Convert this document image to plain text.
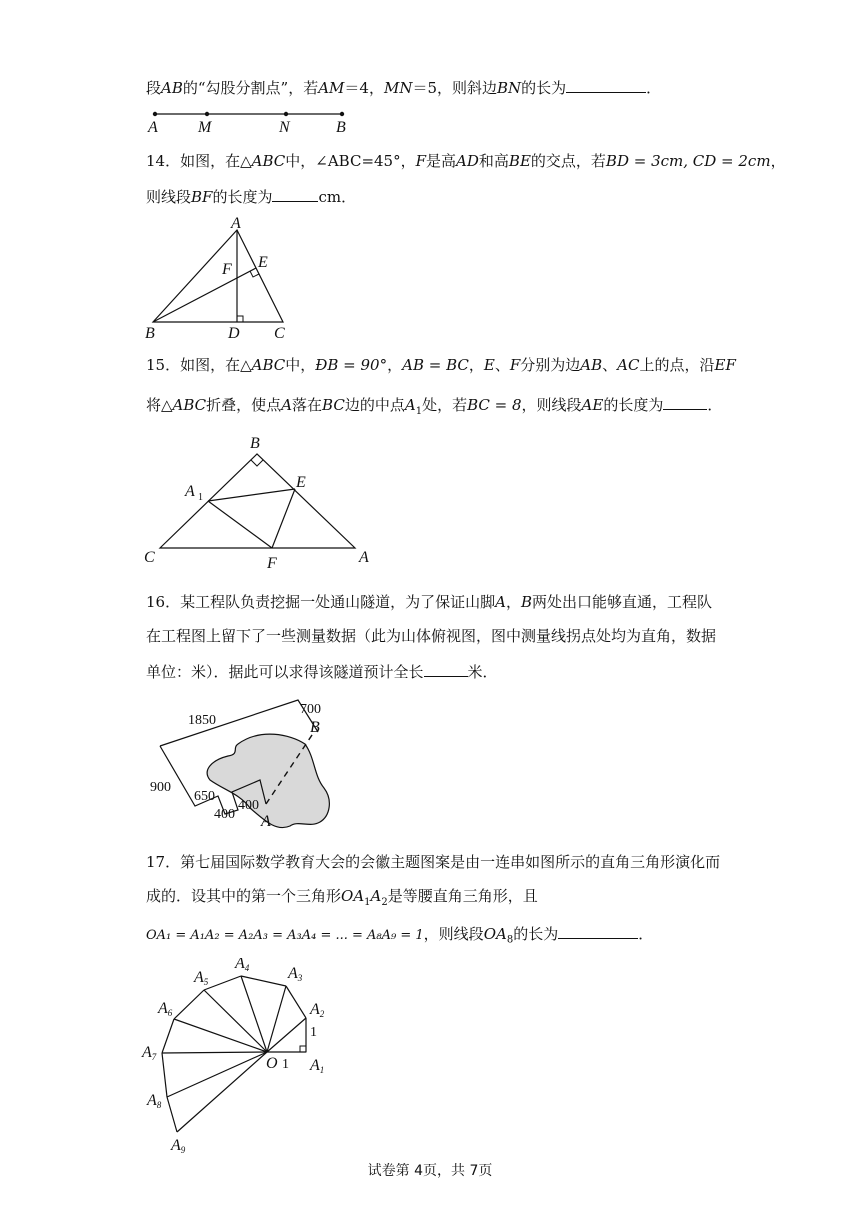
段AB的“勾股分割点”，若AM＝4，MN＝5，则斜边BN的长为	．
A	M	N	B
14．如图，在△ABC中，∠ABC=45°，F是高AD和高BE的交点，若BD = 3cm, CD = 2cm，
则线段BF的长度为	cm．
A
E
F
B	D C
15．如图，在△ABC中，ÐB = 90°，AB = BC，E、F分别为边AB、AC上的点，沿EF
将△ABC折叠，使点A落在BC边的中点$A_1$处，若BC = 8，则线段AE的长度为	．
B
A 1
E
C	F	A
16．某工程队负责挖掘一处通山隧道，为了保证山脚A，B两处出口能够直通，工程队
在工程图上留下了一些测量数据（此为山体俯视图，图中测量线拐点处均为直角，数据
单位：米）．据此可以求得该隧道预计全长	米．
1850
700
B
900
650
400
400 A
17．第七届国际数学教育大会的会徽主题图案是由一连串如图所示的直角三角形演化而
成的．设其中的第一个三角形$OA_1A_2$是等腰直角三角形，且
OA₁ = A₁A₂ = A₂A₃ = A₃A₄ = ... = A₈A₉ = 1，则线段$OA_8$的长为	．
A1
A2
A3
A4
A5
A6
A7
A8
A9
O 1
1
试卷第 4页，共 7页
